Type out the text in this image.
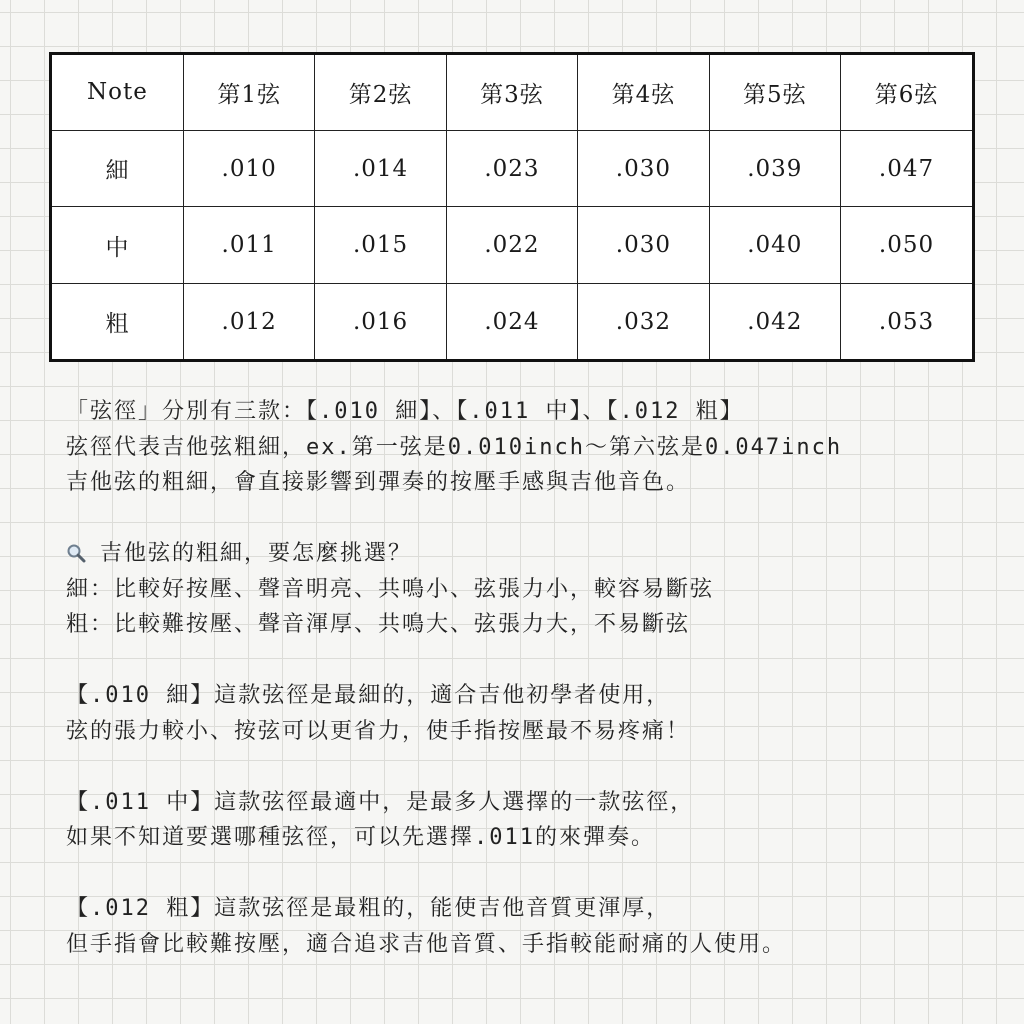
Note	第1弦	第2弦	第3弦	第4弦	第5弦	第6弦
細	.010	.014	.023	.030	.039	.047
中	.011	.015	.022	.030	.040	.050
粗	.012	.016	.024	.032	.042	.053
「弦徑」分別有三款：【.010 細】、【.011 中】、【.012 粗】
弦徑代表吉他弦粗細，ex.第一弦是0.010inch～第六弦是0.047inch
吉他弦的粗細，會直接影響到彈奏的按壓手感與吉他音色。
吉他弦的粗細，要怎麼挑選？
細：比較好按壓、聲音明亮、共鳴小、弦張力小，較容易斷弦
粗：比較難按壓、聲音渾厚、共鳴大、弦張力大，不易斷弦
【.010 細】這款弦徑是最細的，適合吉他初學者使用，
弦的張力較小、按弦可以更省力，使手指按壓最不易疼痛！
【.011 中】這款弦徑最適中，是最多人選擇的一款弦徑，
如果不知道要選哪種弦徑，可以先選擇.011的來彈奏。
【.012 粗】這款弦徑是最粗的，能使吉他音質更渾厚，
但手指會比較難按壓，適合追求吉他音質、手指較能耐痛的人使用。
